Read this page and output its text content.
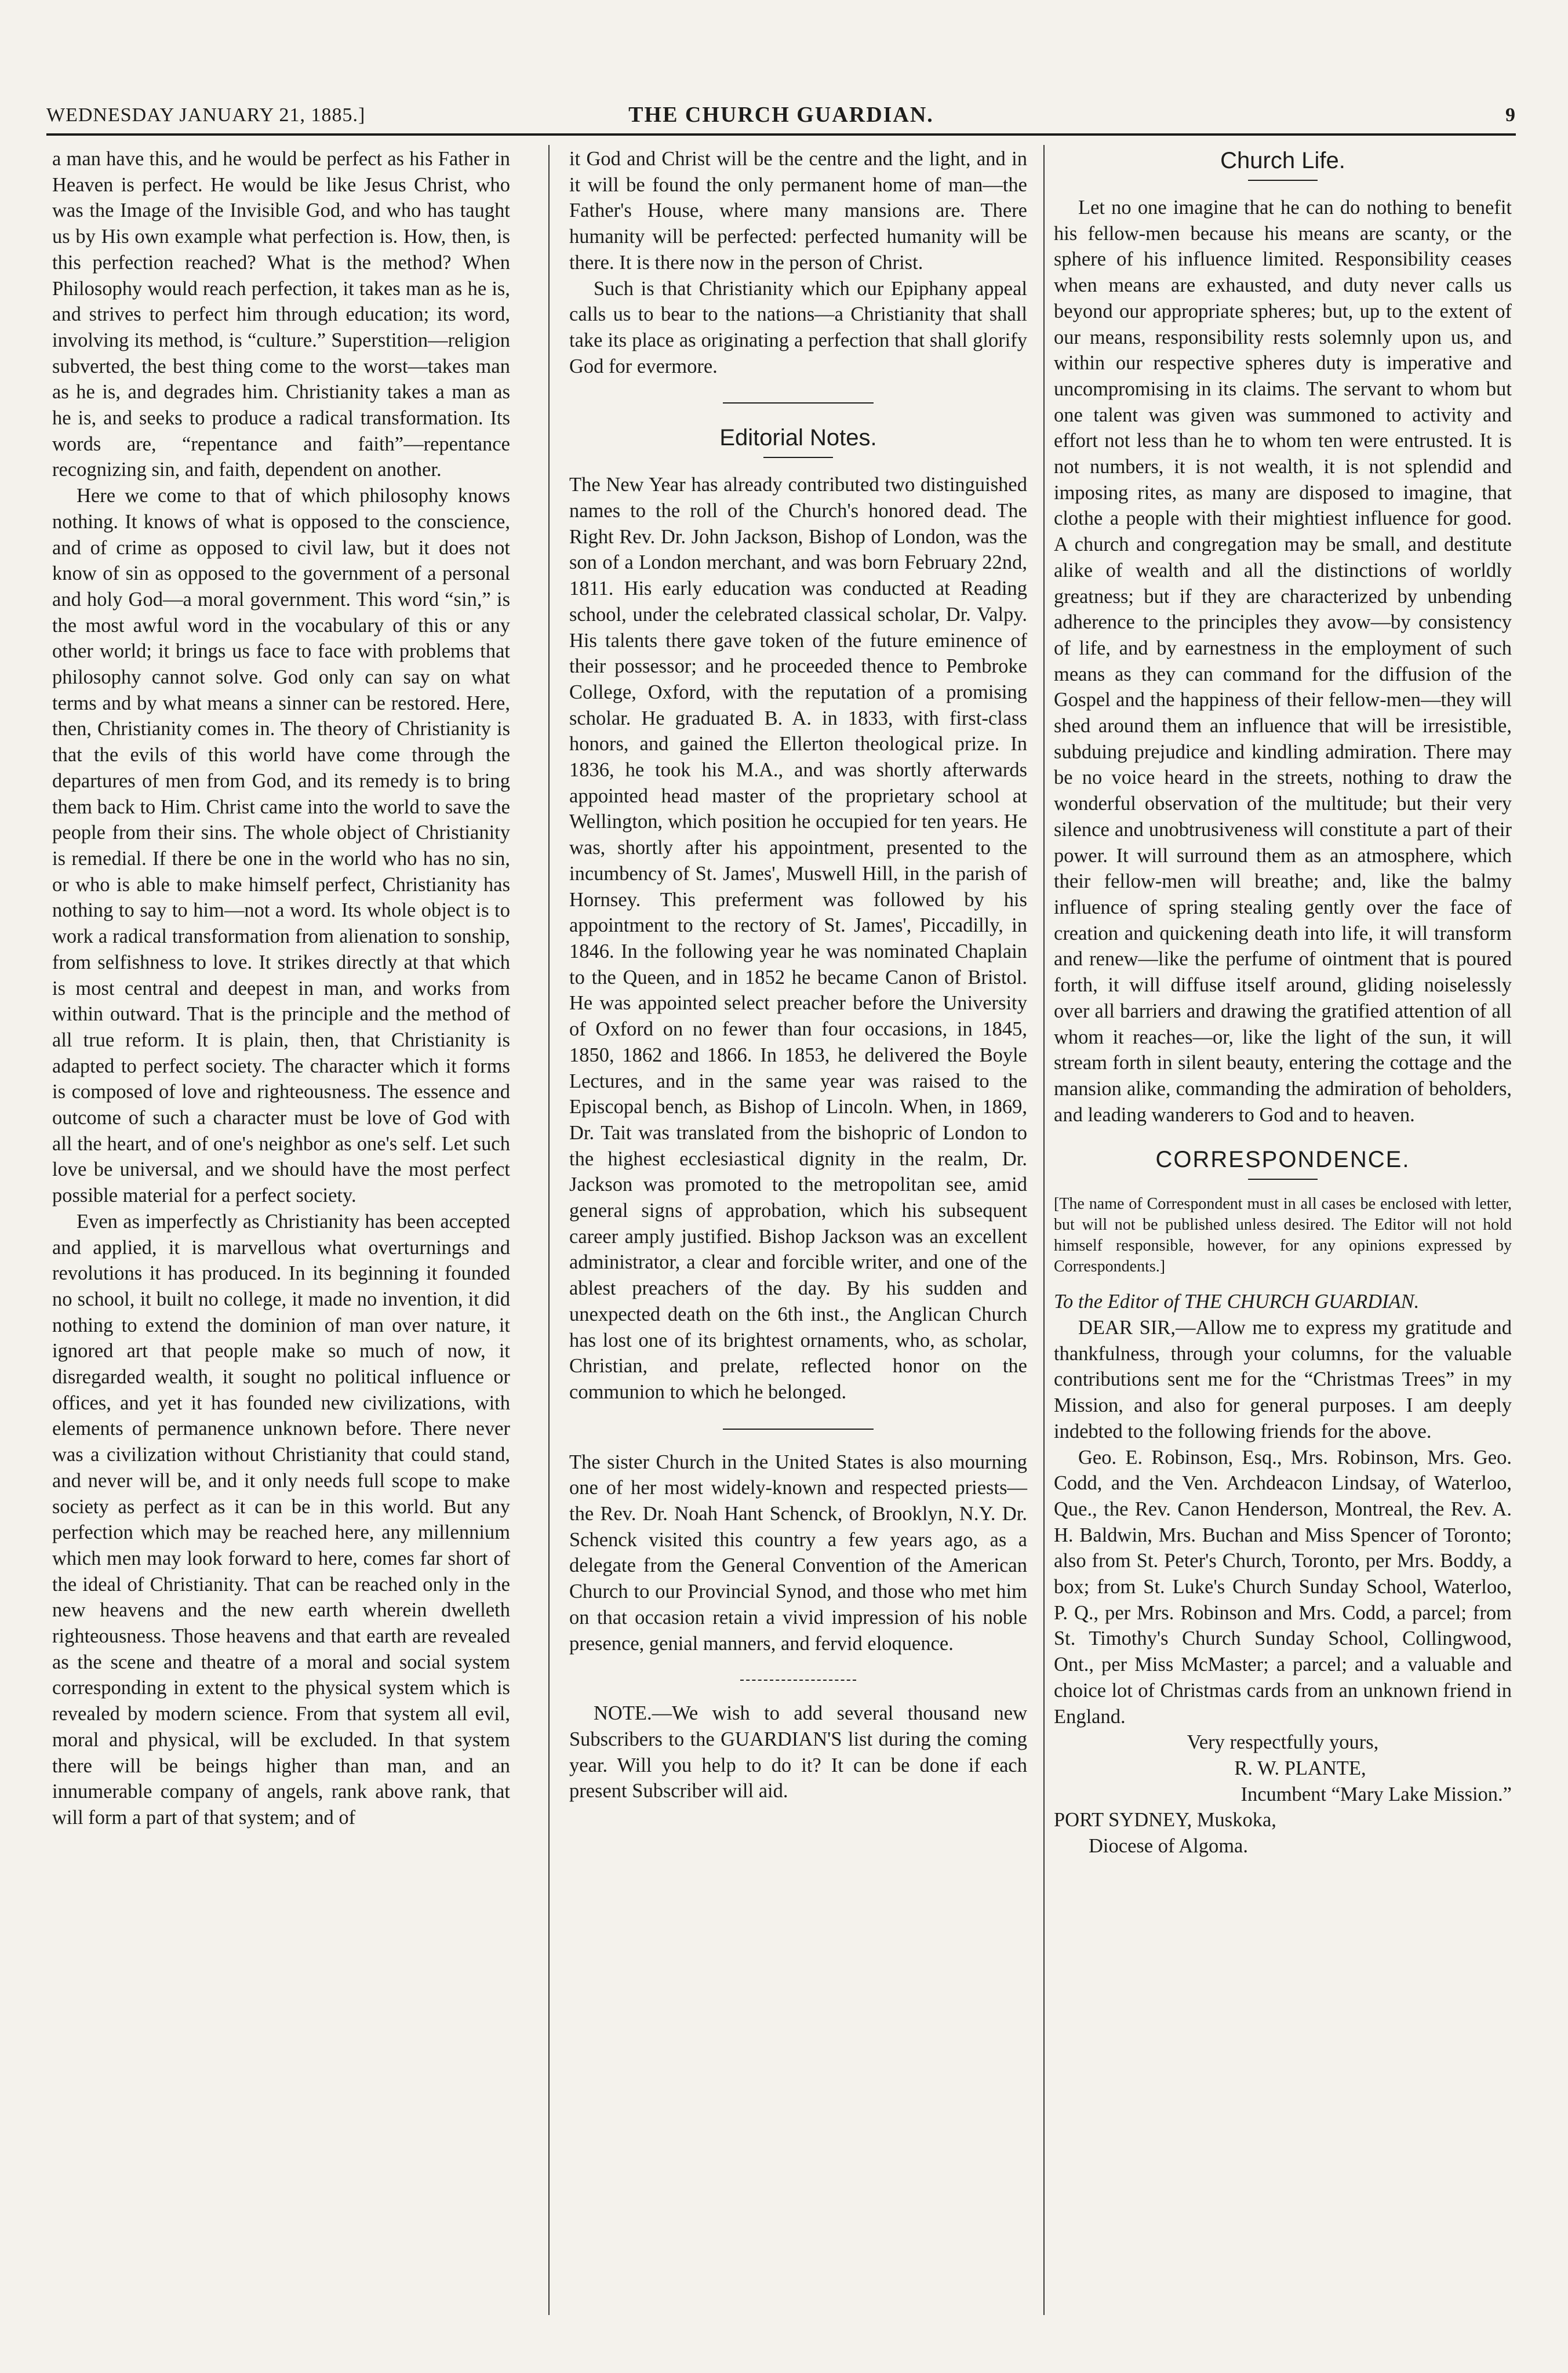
WEDNESDAY JANUARY 21, 1885.]	THE CHURCH GUARDIAN.	9

a man have this, and he would be perfect as his Father in Heaven is perfect. He would be like Jesus Christ, who was the Image of the Invisible God, and who has taught us by His own example what perfection is. How, then, is this perfection reached? What is the method? When Philosophy would reach perfection, it takes man as he is, and strives to perfect him through education; its word, involving its method, is “culture.” Superstition—religion subverted, the best thing come to the worst—takes man as he is, and degrades him. Christianity takes a man as he is, and seeks to produce a radical transformation. Its words are, “repentance and faith”—repentance recognizing sin, and faith, dependent on another.

Here we come to that of which philosophy knows nothing. It knows of what is opposed to the conscience, and of crime as opposed to civil law, but it does not know of sin as opposed to the government of a personal and holy God—a moral government. This word “sin,” is the most awful word in the vocabulary of this or any other world; it brings us face to face with problems that philosophy cannot solve. God only can say on what terms and by what means a sinner can be restored. Here, then, Christianity comes in. The theory of Christianity is that the evils of this world have come through the departures of men from God, and its remedy is to bring them back to Him. Christ came into the world to save the people from their sins. The whole object of Christianity is remedial. If there be one in the world who has no sin, or who is able to make himself perfect, Christianity has nothing to say to him—not a word. Its whole object is to work a radical transformation from alienation to sonship, from selfishness to love. It strikes directly at that which is most central and deepest in man, and works from within outward. That is the principle and the method of all true reform. It is plain, then, that Christianity is adapted to perfect society. The character which it forms is composed of love and righteousness. The essence and outcome of such a character must be love of God with all the heart, and of one's neighbor as one's self. Let such love be universal, and we should have the most perfect possible material for a perfect society.

Even as imperfectly as Christianity has been accepted and applied, it is marvellous what overturnings and revolutions it has produced. In its beginning it founded no school, it built no college, it made no invention, it did nothing to extend the dominion of man over nature, it ignored art that people make so much of now, it disregarded wealth, it sought no political influence or offices, and yet it has founded new civilizations, with elements of permanence unknown before. There never was a civilization without Christianity that could stand, and never will be, and it only needs full scope to make society as perfect as it can be in this world. But any perfection which may be reached here, any millennium which men may look forward to here, comes far short of the ideal of Christianity. That can be reached only in the new heavens and the new earth wherein dwelleth righteousness. Those heavens and that earth are revealed as the scene and theatre of a moral and social system corresponding in extent to the physical system which is revealed by modern science. From that system all evil, moral and physical, will be excluded. In that system there will be beings higher than man, and an innumerable company of angels, rank above rank, that will form a part of that system; and of

it God and Christ will be the centre and the light, and in it will be found the only permanent home of man—the Father's House, where many mansions are. There humanity will be perfected: perfected humanity will be there. It is there now in the person of Christ.

Such is that Christianity which our Epiphany appeal calls us to bear to the nations—a Christianity that shall take its place as originating a perfection that shall glorify God for evermore.

Editorial Notes.

The New Year has already contributed two distinguished names to the roll of the Church's honored dead. The Right Rev. Dr. John Jackson, Bishop of London, was the son of a London merchant, and was born February 22nd, 1811. His early education was conducted at Reading school, under the celebrated classical scholar, Dr. Valpy. His talents there gave token of the future eminence of their possessor; and he proceeded thence to Pembroke College, Oxford, with the reputation of a promising scholar. He graduated B. A. in 1833, with first-class honors, and gained the Ellerton theological prize. In 1836, he took his M.A., and was shortly afterwards appointed head master of the proprietary school at Wellington, which position he occupied for ten years. He was, shortly after his appointment, presented to the incumbency of St. James', Muswell Hill, in the parish of Hornsey. This preferment was followed by his appointment to the rectory of St. James', Piccadilly, in 1846. In the following year he was nominated Chaplain to the Queen, and in 1852 he became Canon of Bristol. He was appointed select preacher before the University of Oxford on no fewer than four occasions, in 1845, 1850, 1862 and 1866. In 1853, he delivered the Boyle Lectures, and in the same year was raised to the Episcopal bench, as Bishop of Lincoln. When, in 1869, Dr. Tait was translated from the bishopric of London to the highest ecclesiastical dignity in the realm, Dr. Jackson was promoted to the metropolitan see, amid general signs of approbation, which his subsequent career amply justified. Bishop Jackson was an excellent administrator, a clear and forcible writer, and one of the ablest preachers of the day. By his sudden and unexpected death on the 6th inst., the Anglican Church has lost one of its brightest ornaments, who, as scholar, Christian, and prelate, reflected honor on the communion to which he belonged.

The sister Church in the United States is also mourning one of her most widely-known and respected priests—the Rev. Dr. Noah Hant Schenck, of Brooklyn, N.Y. Dr. Schenck visited this country a few years ago, as a delegate from the General Convention of the American Church to our Provincial Synod, and those who met him on that occasion retain a vivid impression of his noble presence, genial manners, and fervid eloquence.

NOTE.—We wish to add several thousand new Subscribers to the GUARDIAN'S list during the coming year. Will you help to do it? It can be done if each present Subscriber will aid.

Church Life.

Let no one imagine that he can do nothing to benefit his fellow-men because his means are scanty, or the sphere of his influence limited. Responsibility ceases when means are exhausted, and duty never calls us beyond our appropriate spheres; but, up to the extent of our means, responsibility rests solemnly upon us, and within our respective spheres duty is imperative and uncompromising in its claims. The servant to whom but one talent was given was summoned to activity and effort not less than he to whom ten were entrusted. It is not numbers, it is not wealth, it is not splendid and imposing rites, as many are disposed to imagine, that clothe a people with their mightiest influence for good. A church and congregation may be small, and destitute alike of wealth and all the distinctions of worldly greatness; but if they are characterized by unbending adherence to the principles they avow—by consistency of life, and by earnestness in the employment of such means as they can command for the diffusion of the Gospel and the happiness of their fellow-men—they will shed around them an influence that will be irresistible, subduing prejudice and kindling admiration. There may be no voice heard in the streets, nothing to draw the wonderful observation of the multitude; but their very silence and unobtrusiveness will constitute a part of their power. It will surround them as an atmosphere, which their fellow-men will breathe; and, like the balmy influence of spring stealing gently over the face of creation and quickening death into life, it will transform and renew—like the perfume of ointment that is poured forth, it will diffuse itself around, gliding noiselessly over all barriers and drawing the gratified attention of all whom it reaches—or, like the light of the sun, it will stream forth in silent beauty, entering the cottage and the mansion alike, commanding the admiration of beholders, and leading wanderers to God and to heaven.

CORRESPONDENCE.

[The name of Correspondent must in all cases be enclosed with letter, but will not be published unless desired. The Editor will not hold himself responsible, however, for any opinions expressed by Correspondents.]

To the Editor of THE CHURCH GUARDIAN.

DEAR SIR,—Allow me to express my gratitude and thankfulness, through your columns, for the valuable contributions sent me for the “Christmas Trees” in my Mission, and also for general purposes. I am deeply indebted to the following friends for the above.

Geo. E. Robinson, Esq., Mrs. Robinson, Mrs. Geo. Codd, and the Ven. Archdeacon Lindsay, of Waterloo, Que., the Rev. Canon Henderson, Montreal, the Rev. A. H. Baldwin, Mrs. Buchan and Miss Spencer of Toronto; also from St. Peter's Church, Toronto, per Mrs. Boddy, a box; from St. Luke's Church Sunday School, Waterloo, P. Q., per Mrs. Robinson and Mrs. Codd, a parcel; from St. Timothy's Church Sunday School, Collingwood, Ont., per Miss McMaster; a parcel; and a valuable and choice lot of Christmas cards from an unknown friend in England.

Very respectfully yours,

R. W. PLANTE,

Incumbent “Mary Lake Mission.”

PORT SYDNEY, Muskoka,

Diocese of Algoma.
